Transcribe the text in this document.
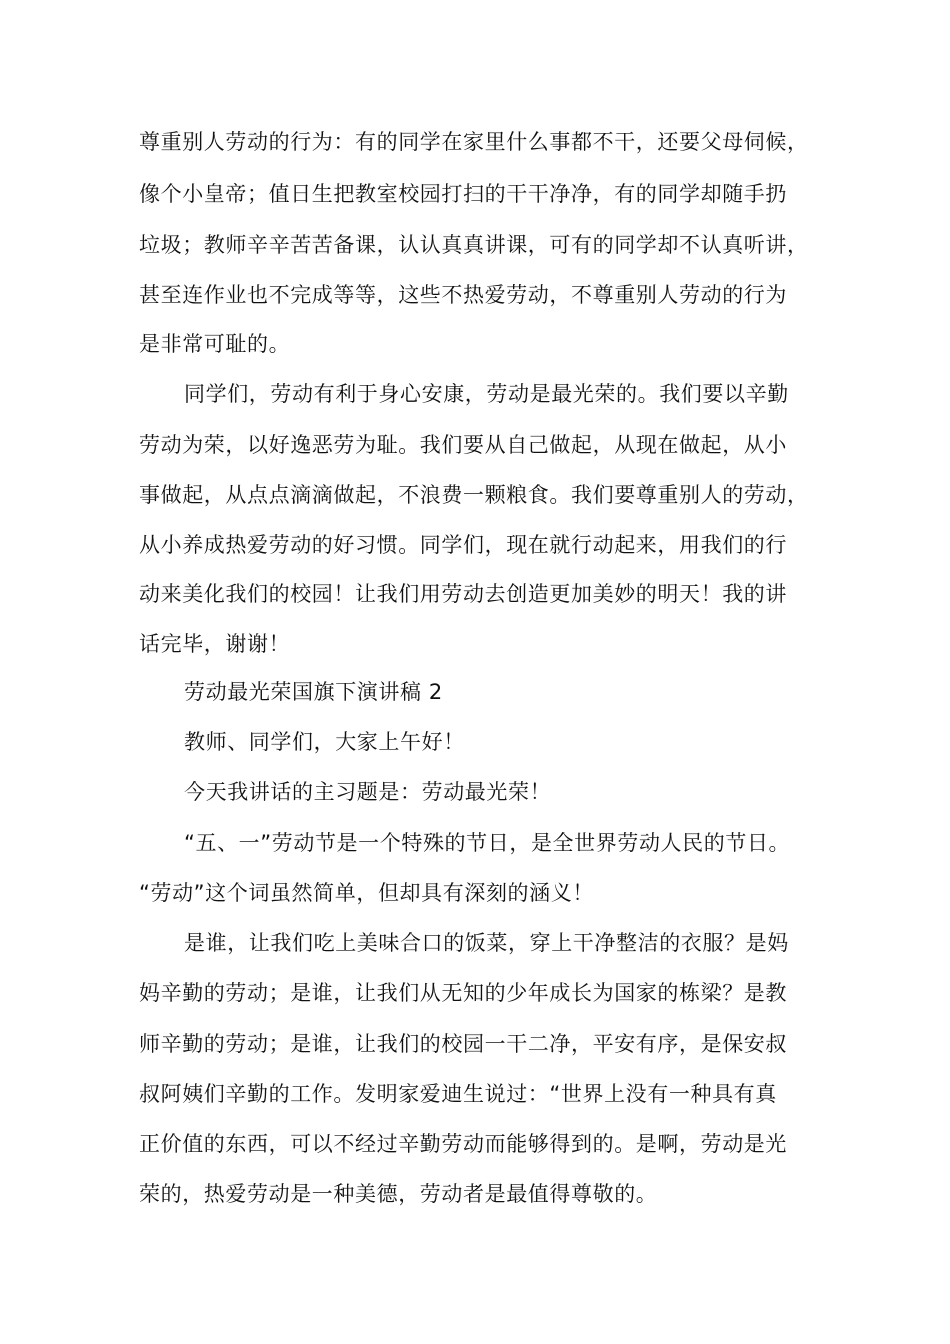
尊重别人劳动的行为：有的同学在家里什么事都不干，还要父母伺候，
像个小皇帝；值日生把教室校园打扫的干干净净，有的同学却随手扔
垃圾；教师辛辛苦苦备课，认认真真讲课，可有的同学却不认真听讲，
甚至连作业也不完成等等，这些不热爱劳动，不尊重别人劳动的行为
是非常可耻的。
同学们，劳动有利于身心安康，劳动是最光荣的。我们要以辛勤
劳动为荣，以好逸恶劳为耻。我们要从自己做起，从现在做起，从小
事做起，从点点滴滴做起，不浪费一颗粮食。我们要尊重别人的劳动，
从小养成热爱劳动的好习惯。同学们，现在就行动起来，用我们的行
动来美化我们的校园！让我们用劳动去创造更加美妙的明天！我的讲
话完毕，谢谢！
劳动最光荣国旗下演讲稿 2
教师、同学们，大家上午好！
今天我讲话的主习题是：劳动最光荣！
“五、一”劳动节是一个特殊的节日，是全世界劳动人民的节日。
“劳动”这个词虽然简单，但却具有深刻的涵义！
是谁，让我们吃上美味合口的饭菜，穿上干净整洁的衣服？是妈
妈辛勤的劳动；是谁，让我们从无知的少年成长为国家的栋梁？是教
师辛勤的劳动；是谁，让我们的校园一干二净，平安有序，是保安叔
叔阿姨们辛勤的工作。发明家爱迪生说过：“世界上没有一种具有真
正价值的东西，可以不经过辛勤劳动而能够得到的。是啊，劳动是光
荣的，热爱劳动是一种美德，劳动者是最值得尊敬的。
